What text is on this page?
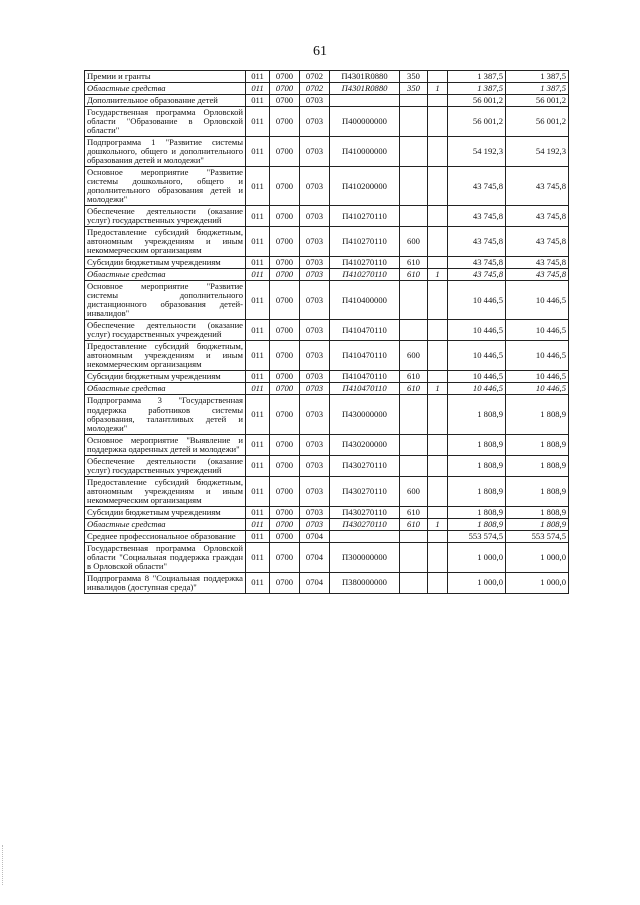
61
Премии и гранты	011	0700	0702	П4301R0880	350		1 387,5	1 387,5
Областные средства	011	0700	0702	П4301R0880	350	1	1 387,5	1 387,5
Дополнительное образование детей	011	0700	0703				56 001,2	56 001,2
Государственная программа Орловской области "Образование в Орловской области"	011	0700	0703	П400000000			56 001,2	56 001,2
Подпрограмма 1 "Развитие системы дошкольного, общего и дополнительного образования детей и молодежи"	011	0700	0703	П410000000			54 192,3	54 192,3
Основное мероприятие "Развитие системы дошкольного, общего и дополнительного образования детей и молодежи"	011	0700	0703	П410200000			43 745,8	43 745,8
Обеспечение деятельности (оказание услуг) государственных учреждений	011	0700	0703	П410270110			43 745,8	43 745,8
Предоставление субсидий бюджетным, автономным учреждениям и иным некоммерческим организациям	011	0700	0703	П410270110	600		43 745,8	43 745,8
Субсидии бюджетным учреждениям	011	0700	0703	П410270110	610		43 745,8	43 745,8
Областные средства	011	0700	0703	П410270110	610	1	43 745,8	43 745,8
Основное мероприятие "Развитие системы дополнительного дистанционного образования детей-инвалидов"	011	0700	0703	П410400000			10 446,5	10 446,5
Обеспечение деятельности (оказание услуг) государственных учреждений	011	0700	0703	П410470110			10 446,5	10 446,5
Предоставление субсидий бюджетным, автономным учреждениям и иным некоммерческим организациям	011	0700	0703	П410470110	600		10 446,5	10 446,5
Субсидии бюджетным учреждениям	011	0700	0703	П410470110	610		10 446,5	10 446,5
Областные средства	011	0700	0703	П410470110	610	1	10 446,5	10 446,5
Подпрограмма 3 "Государственная поддержка работников системы образования, талантливых детей и молодежи"	011	0700	0703	П430000000			1 808,9	1 808,9
Основное мероприятие "Выявление и поддержка одаренных детей и молодежи"	011	0700	0703	П430200000			1 808,9	1 808,9
Обеспечение деятельности (оказание услуг) государственных учреждений	011	0700	0703	П430270110			1 808,9	1 808,9
Предоставление субсидий бюджетным, автономным учреждениям и иным некоммерческим организациям	011	0700	0703	П430270110	600		1 808,9	1 808,9
Субсидии бюджетным учреждениям	011	0700	0703	П430270110	610		1 808,9	1 808,9
Областные средства	011	0700	0703	П430270110	610	1	1 808,9	1 808,9
Среднее профессиональное образование	011	0700	0704				553 574,5	553 574,5
Государственная программа Орловской области "Социальная поддержка граждан в Орловской области"	011	0700	0704	П300000000			1 000,0	1 000,0
Подпрограмма 8 "Социальная поддержка инвалидов (доступная среда)"	011	0700	0704	П380000000			1 000,0	1 000,0
